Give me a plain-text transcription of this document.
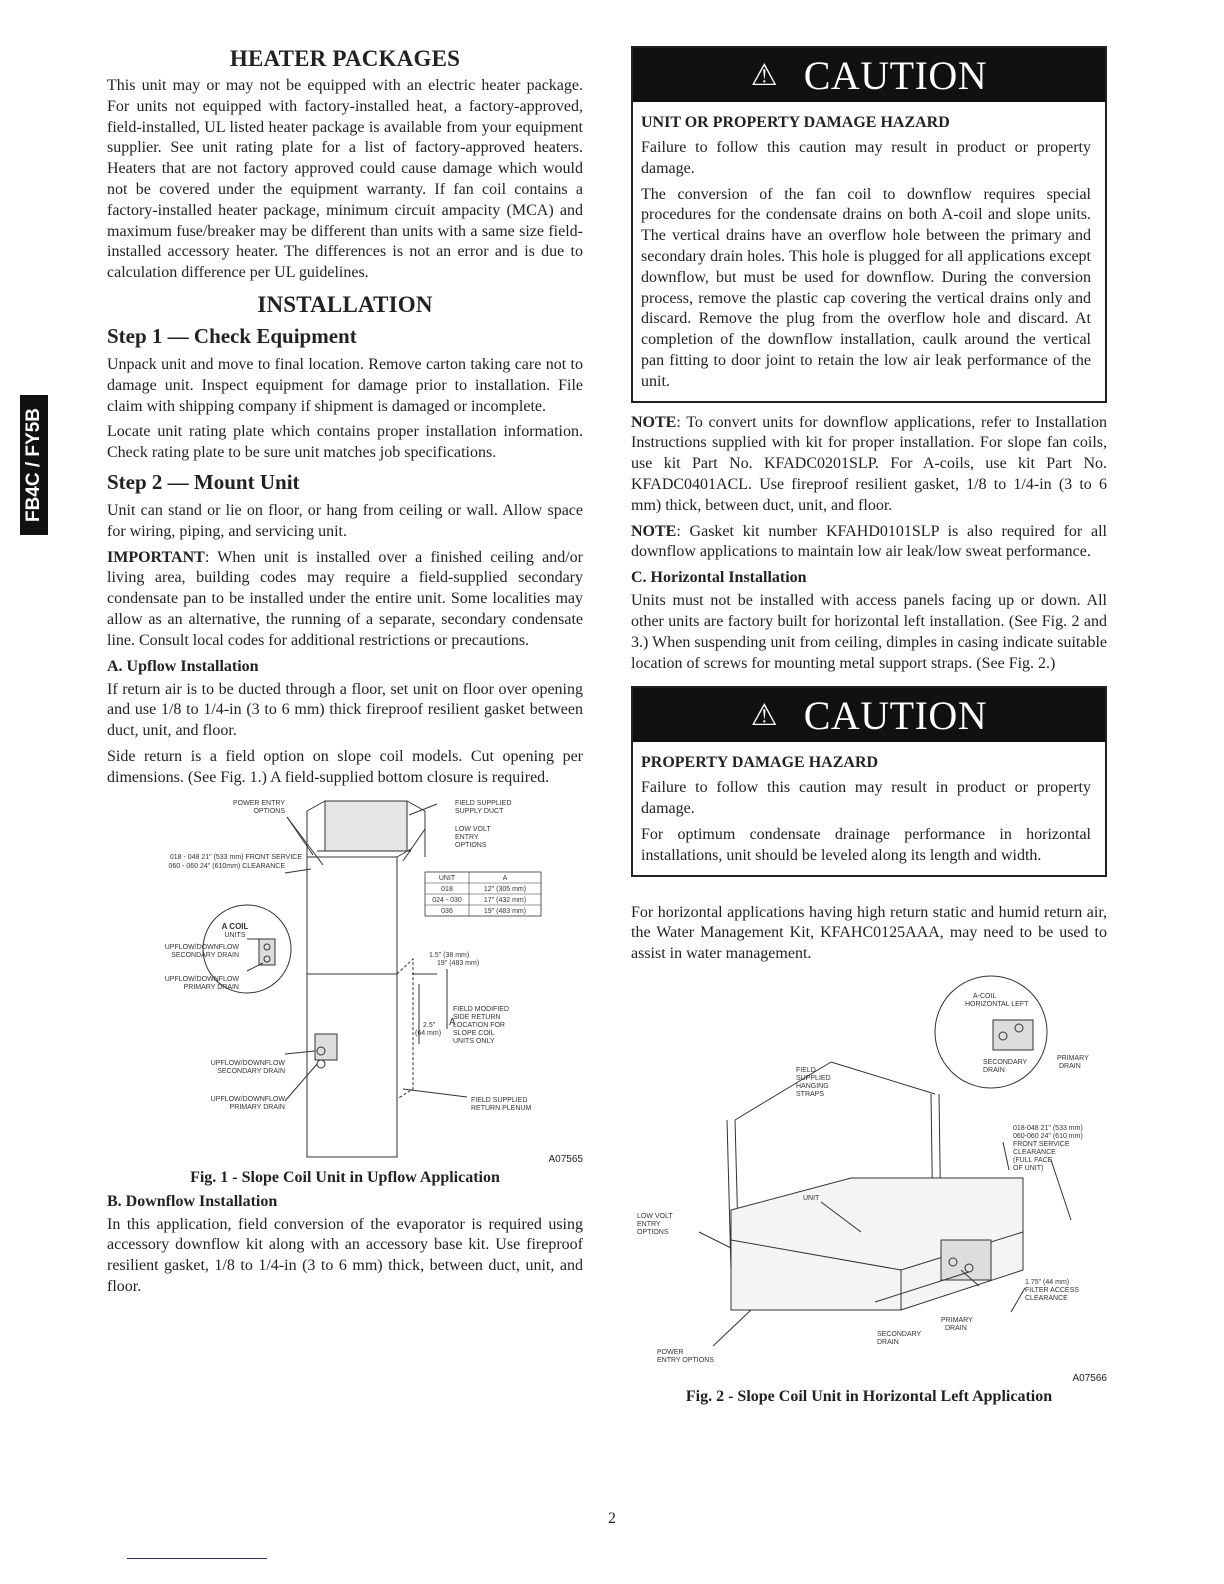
FB4C / FY5B
HEATER PACKAGES

This unit may or may not be equipped with an electric heater package. For units not equipped with factory-installed heat, a factory-approved, field-installed, UL listed heater package is available from your equipment supplier. See unit rating plate for a list of factory-approved heaters. Heaters that are not factory approved could cause damage which would not be covered under the equipment warranty. If fan coil contains a factory-installed heater package, minimum circuit ampacity (MCA) and maximum fuse/breaker may be different than units with a same size field-installed accessory heater. The differences is not an error and is due to calculation difference per UL guidelines.

INSTALLATION
Step 1 — Check Equipment

Unpack unit and move to final location. Remove carton taking care not to damage unit. Inspect equipment for damage prior to installation. File claim with shipping company if shipment is damaged or incomplete.

Locate unit rating plate which contains proper installation information. Check rating plate to be sure unit matches job specifications.

Step 2 — Mount Unit

Unit can stand or lie on floor, or hang from ceiling or wall. Allow space for wiring, piping, and servicing unit.

IMPORTANT: When unit is installed over a finished ceiling and/or living area, building codes may require a field-supplied secondary condensate pan to be installed under the entire unit. Some localities may allow as an alternative, the running of a separate, secondary condensate line. Consult local codes for additional restrictions or precautions.

A. Upflow Installation

If return air is to be ducted through a floor, set unit on floor over opening and use 1/8 to 1/4-in (3 to 6 mm) thick fireproof resilient gasket between duct, unit, and floor.

Side return is a field option on slope coil models. Cut opening per dimensions. (See Fig. 1.) A field-supplied bottom closure is required.

UNIT	A
018	12" (305 mm)
024 - 030	17" (432 mm)
036	19" (483 mm)
POWER ENTRY
OPTIONS
FIELD SUPPLIED
SUPPLY DUCT
LOW VOLT
ENTRY
OPTIONS
018 - 048 21" (533 mm) FRONT SERVICE
060 - 060 24" (610mm) CLEARANCE
A COIL
UNITS
UPFLOW/DOWNFLOW
SECONDARY DRAIN
UPFLOW/DOWNFLOW
PRIMARY DRAIN
1.5" (38 mm)
19" (483 mm)
FIELD MODIFIED
SIDE RETURN
LOCATION FOR
SLOPE COIL
UNITS ONLY
2.5"
(64 mm)
A
UPFLOW/DOWNFLOW
SECONDARY DRAIN
UPFLOW/DOWNFLOW
PRIMARY DRAIN
FIELD SUPPLIED
RETURN PLENUM
A07565
Fig. 1 - Slope Coil Unit in Upflow Application
B. Downflow Installation

In this application, field conversion of the evaporator is required using accessory downflow kit along with an accessory base kit. Use fireproof resilient gasket, 1/8 to 1/4-in (3 to 6 mm) thick, between duct, unit, and floor.

⚠ CAUTION
UNIT OR PROPERTY DAMAGE HAZARD

Failure to follow this caution may result in product or property damage.

The conversion of the fan coil to downflow requires special procedures for the condensate drains on both A-coil and slope units. The vertical drains have an overflow hole between the primary and secondary drain holes. This hole is plugged for all applications except downflow, but must be used for downflow. During the conversion process, remove the plastic cap covering the vertical drains only and discard. Remove the plug from the overflow hole and discard. At completion of the downflow installation, caulk around the vertical pan fitting to door joint to retain the low air leak performance of the unit.

NOTE: To convert units for downflow applications, refer to Installation Instructions supplied with kit for proper installation. For slope fan coils, use kit Part No. KFADC0201SLP. For A-coils, use kit Part No. KFADC0401ACL. Use fireproof resilient gasket, 1/8 to 1/4-in (3 to 6 mm) thick, between duct, unit, and floor.

NOTE: Gasket kit number KFAHD0101SLP is also required for all downflow applications to maintain low air leak/low sweat performance.

C. Horizontal Installation

Units must not be installed with access panels facing up or down. All other units are factory built for horizontal left installation. (See Fig. 2 and 3.) When suspending unit from ceiling, dimples in casing indicate suitable location of screws for mounting metal support straps. (See Fig. 2.)

⚠ CAUTION
PROPERTY DAMAGE HAZARD

Failure to follow this caution may result in product or property damage.

For optimum condensate drainage performance in horizontal installations, unit should be leveled along its length and width.

For horizontal applications having high return static and humid return air, the Water Management Kit, KFAHC0125AAA, may need to be used to assist in water management.

A-COIL
HORIZONTAL LEFT
SECONDARY
DRAIN
PRIMARY
DRAIN
FIELD
SUPPLIED
HANGING
STRAPS
018-048 21" (533 mm)
060-060 24" (610 mm)
FRONT SERVICE
CLEARANCE
(FULL FACE
OF UNIT)
UNIT
LOW VOLT
ENTRY
OPTIONS
1.75" (44 mm)
FILTER ACCESS
CLEARANCE
PRIMARY
DRAIN
SECONDARY
DRAIN
POWER
ENTRY OPTIONS
A07566
Fig. 2 - Slope Coil Unit in Horizontal Left Application
2
